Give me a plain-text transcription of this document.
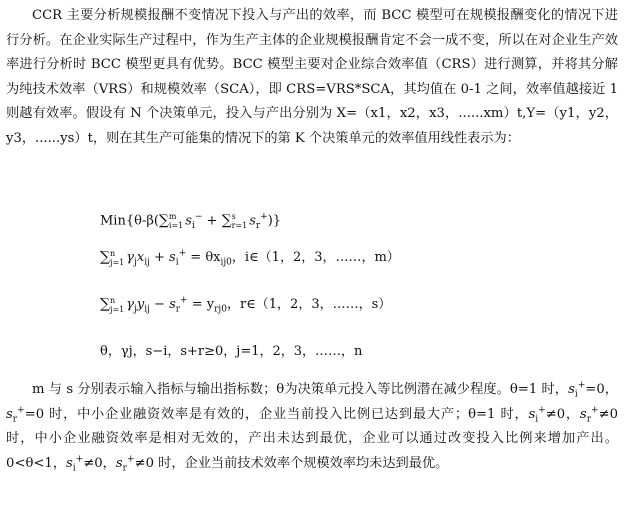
CCR 主要分析规模报酬不变情况下投入与产出的效率，而 BCC 模型可在规模报酬变化的情况下进行分析。在企业实际生产过程中，作为生产主体的企业规模报酬肯定不会一成不变，所以在对企业生产效率进行分析时 BCC 模型更具有优势。BCC 模型主要对企业综合效率值（CRS）进行测算，并将其分解为纯技术效率（VRS）和规模效率（SCA），即 CRS=VRS*SCA，其均值在 0-1 之间，效率值越接近 1 则越有效率。假设有 N 个决策单元，投入与产出分别为 X=（x1，x2，x3，......xm）t,Y=（y1，y2，y3，......ys）t，则在其生产可能集的情况下的第 K 个决策单元的效率值用线性表示为：

Min{θ-β(∑m
i=1 $s_i^- + \sum s$
r=1 $s_r^+$)}
∑n
j=1 $\gamma_jx_{ij} + s_i^+ = \theta x_{ij0}$，i∈（1，2，3，……，m）
∑n
j=1 $\gamma_jy_{ij} - s_r^+ = y_{rj0}$，r∈（1，2，3，……，s）
θ，γj，s−i，s+r≥0，j=1，2，3，……，n

m 与 s 分别表示输入指标与输出指标数；θ为决策单元投入等比例潜在减少程度。θ=1 时，$s_i^+=0$，$s_r^+=0$ 时，中小企业融资效率是有效的，企业当前投入比例已达到最大产；θ=1 时，$s_i^+\ne 0$，$s_r^+\ne 0$ 时，中小企业融资效率是相对无效的，产出未达到最优，企业可以通过改变投入比例来增加产出。0<θ<1，$s_i^+\ne 0$，$s_r^+\ne 0$ 时，企业当前技术效率个规模效率均未达到最优。
